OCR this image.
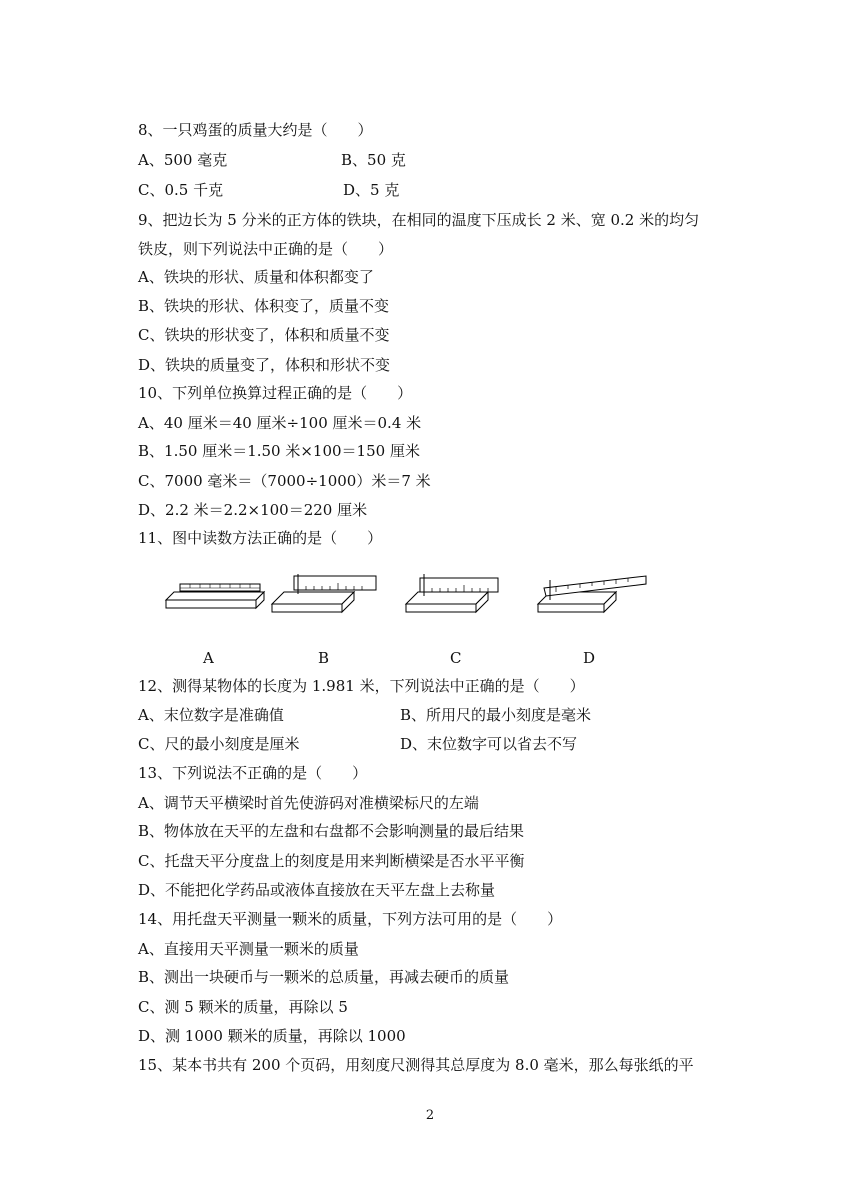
8、一只鸡蛋的质量大约是（　　）
A、500 毫克	B、50 克
C、0.5 千克	D、5 克
9、把边长为 5 分米的正方体的铁块，在相同的温度下压成长 2 米、宽 0.2 米的均匀
铁皮，则下列说法中正确的是（　　）
A、铁块的形状、质量和体积都变了
B、铁块的形状、体积变了，质量不变
C、铁块的形状变了，体积和质量不变
D、铁块的质量变了，体积和形状不变
10、下列单位换算过程正确的是（　　）
A、40 厘米＝40 厘米÷100 厘米＝0.4 米
B、1.50 厘米＝1.50 米×100＝150 厘米
C、7000 毫米＝（7000÷1000）米＝7 米
D、2.2 米＝2.2×100＝220 厘米
11、图中读数方法正确的是（　　）
A	B	C	D
12、测得某物体的长度为 1.981 米，下列说法中正确的是（　　）
A、末位数字是准确值	B、所用尺的最小刻度是毫米
C、尺的最小刻度是厘米	D、末位数字可以省去不写
13、下列说法不正确的是（　　）
A、调节天平横梁时首先使游码对准横梁标尺的左端
B、物体放在天平的左盘和右盘都不会影响测量的最后结果
C、托盘天平分度盘上的刻度是用来判断横梁是否水平平衡
D、不能把化学药品或液体直接放在天平左盘上去称量
14、用托盘天平测量一颗米的质量，下列方法可用的是（　　）
A、直接用天平测量一颗米的质量
B、测出一块硬币与一颗米的总质量，再减去硬币的质量
C、测 5 颗米的质量，再除以 5
D、测 1000 颗米的质量，再除以 1000
15、某本书共有 200 个页码，用刻度尺测得其总厚度为 8.0 毫米，那么每张纸的平
2
